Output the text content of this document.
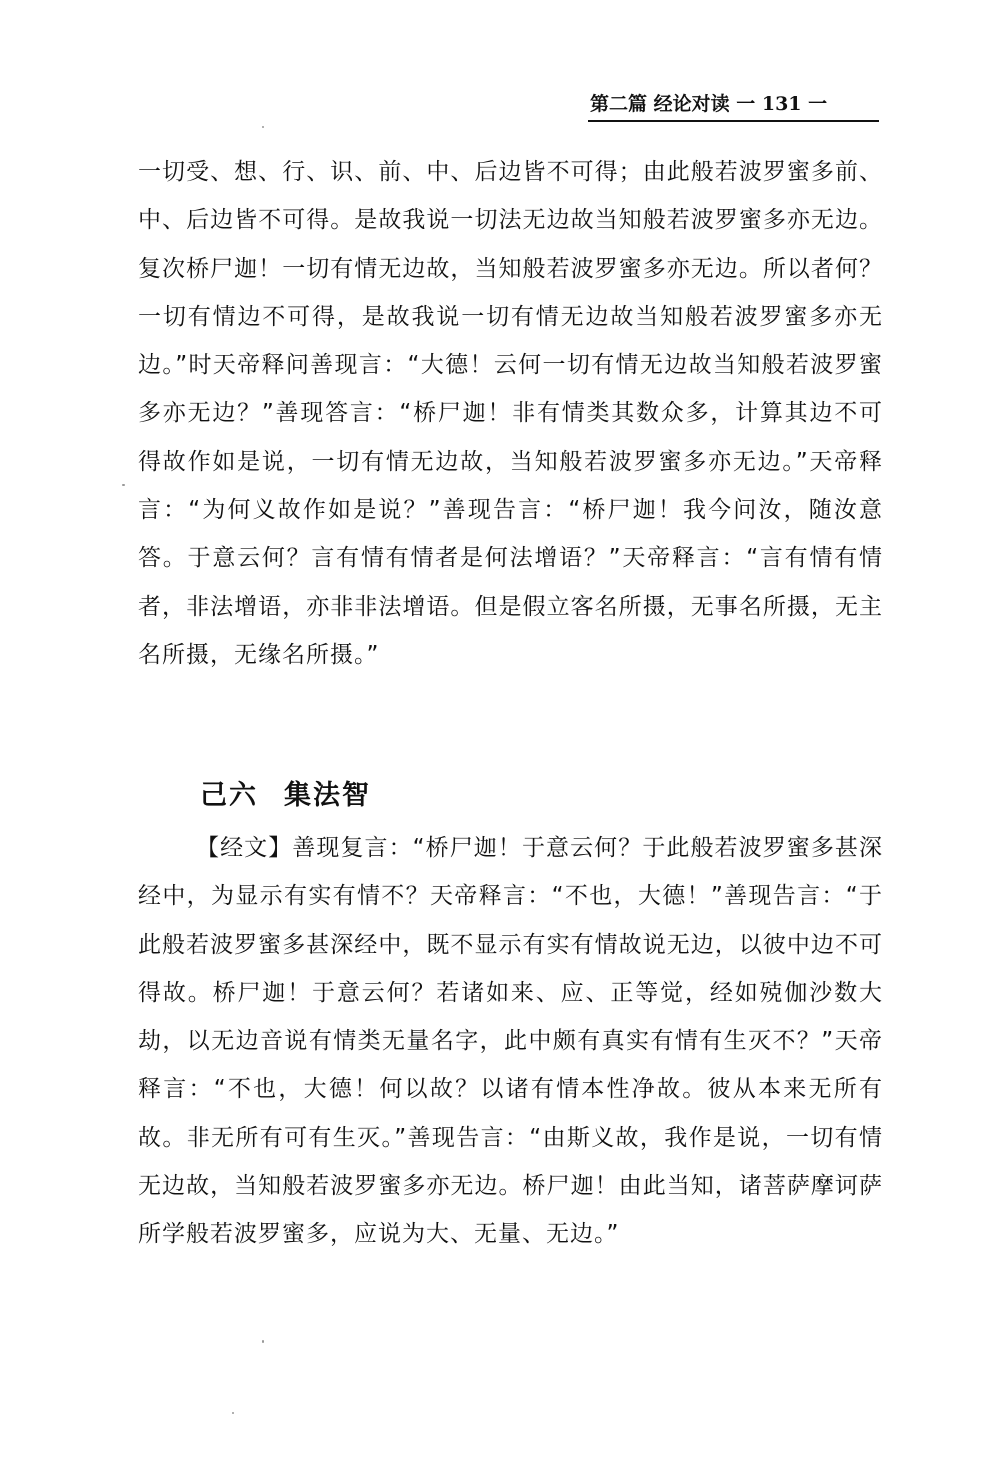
第二篇 经论对读 一 131 一

一切受、想、行、识、前、中、后边皆不可得；由此般若波罗蜜多前、中、后边皆不可得。是故我说一切法无边故当知般若波罗蜜多亦无边。复次桥尸迦！一切有情无边故，当知般若波罗蜜多亦无边。所以者何？一切有情边不可得，是故我说一切有情无边故当知般若波罗蜜多亦无边。”时天帝释问善现言：“大德！云何一切有情无边故当知般若波罗蜜多亦无边？”善现答言：“桥尸迦！非有情类其数众多，计算其边不可得故作如是说，一切有情无边故，当知般若波罗蜜多亦无边。”天帝释言：“为何义故作如是说？”善现告言：“桥尸迦！我今问汝，随汝意答。于意云何？言有情有情者是何法增语？”天帝释言：“言有情有情者，非法增语，亦非非法增语。但是假立客名所摄，无事名所摄，无主名所摄，无缘名所摄。”

己六 集法智

【经文】善现复言：“桥尸迦！于意云何？于此般若波罗蜜多甚深经中，为显示有实有情不？天帝释言：“不也，大德！”善现告言：“于此般若波罗蜜多甚深经中，既不显示有实有情故说无边，以彼中边不可得故。桥尸迦！于意云何？若诸如来、应、正等觉，经如殑伽沙数大劫，以无边音说有情类无量名字，此中颇有真实有情有生灭不？”天帝释言：“不也，大德！何以故？以诸有情本性净故。彼从本来无所有故。非无所有可有生灭。”善现告言：“由斯义故，我作是说，一切有情无边故，当知般若波罗蜜多亦无边。桥尸迦！由此当知，诸菩萨摩诃萨所学般若波罗蜜多，应说为大、无量、无边。”
